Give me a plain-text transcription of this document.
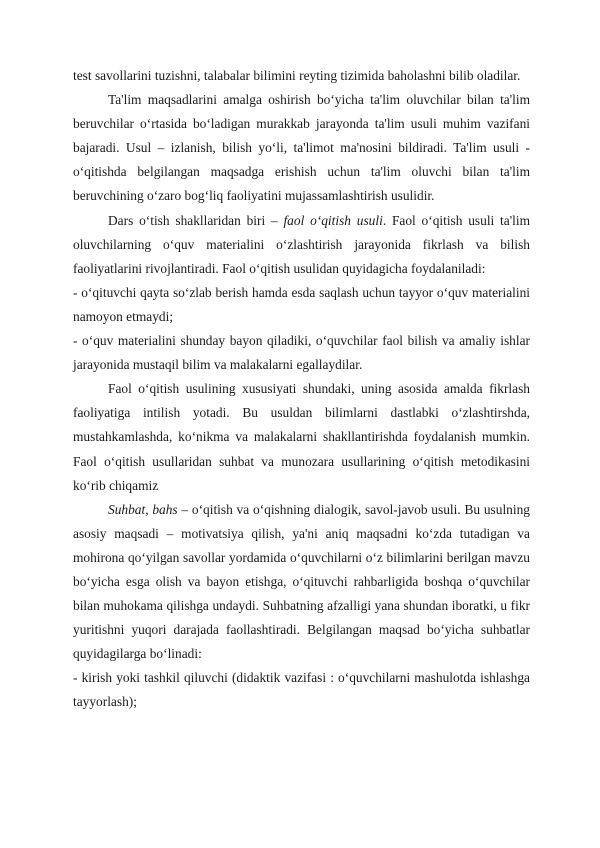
test savollarini tuzishni, talabalar bilimini reyting tizimida baholashni bilib oladilar.

Ta'lim maqsadlarini amalga oshirish bo‘yicha ta'lim oluvchilar bilan ta'lim beruvchilar o‘rtasida bo‘ladigan murakkab jarayonda ta'lim usuli muhim vazifani bajaradi. Usul – izlanish, bilish yo‘li, ta'limot ma'nosini bildiradi. Ta'lim usuli - o‘qitishda belgilangan maqsadga erishish uchun ta'lim oluvchi bilan ta'lim beruvchining o‘zaro bog‘liq faoliyatini mujassamlashtirish usulidir.

Dars o‘tish shakllaridan biri – faol o‘qitish usuli. Faol o‘qitish usuli ta'lim oluvchilarning o‘quv materialini o‘zlashtirish jarayonida fikrlash va bilish faoliyatlarini rivojlantiradi. Faol o‘qitish usulidan quyidagicha foydalaniladi:

- o‘qituvchi qayta so‘zlab berish hamda esda saqlash uchun tayyor o‘quv materialini namoyon etmaydi;

- o‘quv materialini shunday bayon qiladiki, o‘quvchilar faol bilish va amaliy ishlar jarayonida mustaqil bilim va malakalarni egallaydilar.

Faol o‘qitish usulining xususiyati shundaki, uning asosida amalda fikrlash faoliyatiga intilish yotadi. Bu usuldan bilimlarni dastlabki o‘zlashtirshda, mustahkamlashda, ko‘nikma va malakalarni shakllantirishda foydalanish mumkin. Faol o‘qitish usullaridan suhbat va munozara usullarining o‘qitish metodikasini ko‘rib chiqamiz

Suhbat, bahs – o‘qitish va o‘qishning dialogik, savol-javob usuli. Bu usulning asosiy maqsadi – motivatsiya qilish, ya'ni aniq maqsadni ko‘zda tutadigan va mohirona qo‘yilgan savollar yordamida o‘quvchilarni o‘z bilimlarini berilgan mavzu bo‘yicha esga olish va bayon etishga, o‘qituvchi rahbarligida boshqa o‘quvchilar bilan muhokama qilishga undaydi. Suhbatning afzalligi yana shundan iboratki, u fikr yuritishni yuqori darajada faollashtiradi. Belgilangan maqsad bo‘yicha suhbatlar quyidagilarga bo‘linadi:

- kirish yoki tashkil qiluvchi (didaktik vazifasi : o‘quvchilarni mashulotda ishlashga tayyorlash);
